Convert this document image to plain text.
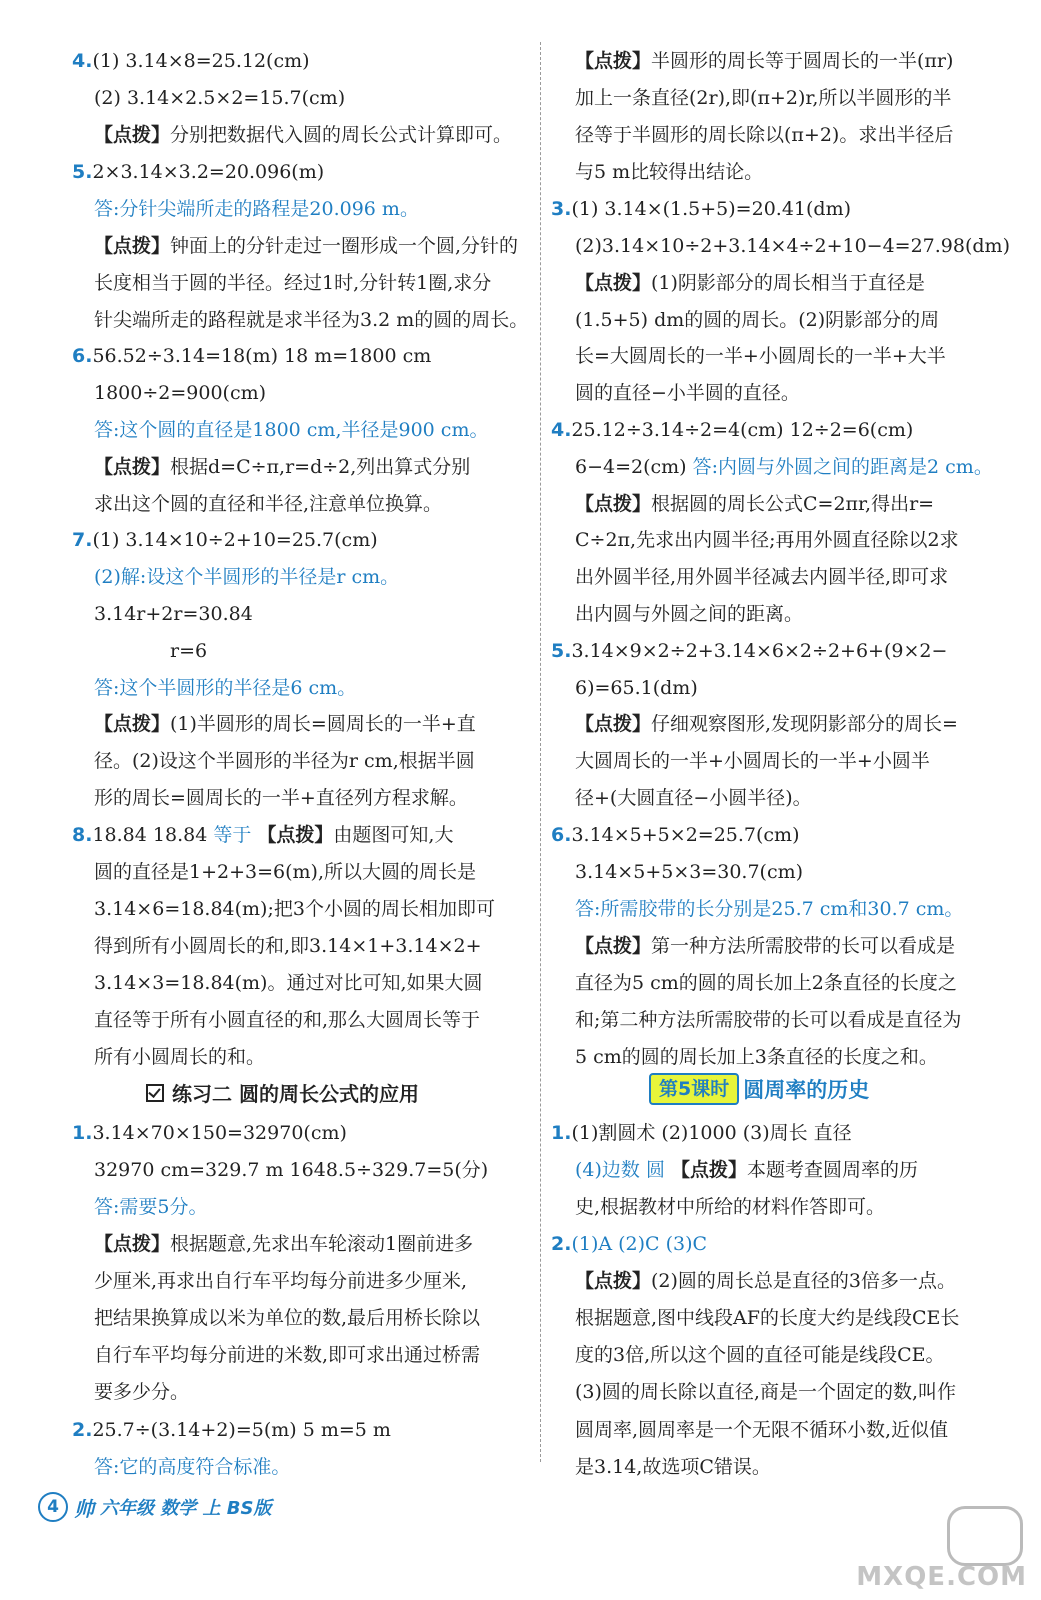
4.(1) 3.14×8=25.12(cm)
(2) 3.14×2.5×2=15.7(cm)
【点拨】分别把数据代入圆的周长公式计算即可。
5.2×3.14×3.2=20.096(m)
答:分针尖端所走的路程是20.096 m。
【点拨】钟面上的分针走过一圈形成一个圆,分针的
长度相当于圆的半径。经过1时,分针转1圈,求分
针尖端所走的路程就是求半径为3.2 m的圆的周长。
6.56.52÷3.14=18(m) 18 m=1800 cm
1800÷2=900(cm)
答:这个圆的直径是1800 cm,半径是900 cm。
【点拨】根据d=C÷π,r=d÷2,列出算式分别
求出这个圆的直径和半径,注意单位换算。
7.(1) 3.14×10÷2+10=25.7(cm)
(2)解:设这个半圆形的半径是r cm。
3.14r+2r=30.84
r=6
答:这个半圆形的半径是6 cm。
【点拨】(1)半圆形的周长=圆周长的一半+直
径。(2)设这个半圆形的半径为r cm,根据半圆
形的周长=圆周长的一半+直径列方程求解。
8.18.84 18.84 等于 【点拨】由题图可知,大
圆的直径是1+2+3=6(m),所以大圆的周长是
3.14×6=18.84(m);把3个小圆的周长相加即可
得到所有小圆周长的和,即3.14×1+3.14×2+
3.14×3=18.84(m)。通过对比可知,如果大圆
直径等于所有小圆直径的和,那么大圆周长等于
所有小圆周长的和。
1.3.14×70×150=32970(cm)
32970 cm=329.7 m 1648.5÷329.7=5(分)
答:需要5分。
【点拨】根据题意,先求出车轮滚动1圈前进多
少厘米,再求出自行车平均每分前进多少厘米,
把结果换算成以米为单位的数,最后用桥长除以
自行车平均每分前进的米数,即可求出通过桥需
要多少分。
2.25.7÷(3.14+2)=5(m) 5 m=5 m
答:它的高度符合标准。
【点拨】半圆形的周长等于圆周长的一半(πr)
加上一条直径(2r),即(π+2)r,所以半圆形的半
径等于半圆形的周长除以(π+2)。求出半径后
与5 m比较得出结论。
3.(1) 3.14×(1.5+5)=20.41(dm)
(2)3.14×10÷2+3.14×4÷2+10−4=27.98(dm)
【点拨】(1)阴影部分的周长相当于直径是
(1.5+5) dm的圆的周长。(2)阴影部分的周
长=大圆周长的一半+小圆周长的一半+大半
圆的直径−小半圆的直径。
4.25.12÷3.14÷2=4(cm) 12÷2=6(cm)
6−4=2(cm) 答:内圆与外圆之间的距离是2 cm。
【点拨】根据圆的周长公式C=2πr,得出r=
C÷2π,先求出内圆半径;再用外圆直径除以2求
出外圆半径,用外圆半径减去内圆半径,即可求
出内圆与外圆之间的距离。
5.3.14×9×2÷2+3.14×6×2÷2+6+(9×2−
6)=65.1(dm)
【点拨】仔细观察图形,发现阴影部分的周长=
大圆周长的一半+小圆周长的一半+小圆半
径+(大圆直径−小圆半径)。
6.3.14×5+5×2=25.7(cm)
3.14×5+5×3=30.7(cm)
答:所需胶带的长分别是25.7 cm和30.7 cm。
【点拨】第一种方法所需胶带的长可以看成是
直径为5 cm的圆的周长加上2条直径的长度之
和;第二种方法所需胶带的长可以看成是直径为
5 cm的圆的周长加上3条直径的长度之和。
1.(1)割圆术 (2)1000 (3)周长 直径
(4)边数 圆 【点拨】本题考查圆周率的历
史,根据教材中所给的材料作答即可。
2.(1)A (2)C (3)C
【点拨】(2)圆的周长总是直径的3倍多一点。
根据题意,图中线段AF的长度大约是线段CE长
度的3倍,所以这个圆的直径可能是线段CE。
(3)圆的周长除以直径,商是一个固定的数,叫作
圆周率,圆周率是一个无限不循环小数,近似值
是3.14,故选项C错误。
练习二 圆的周长公式的应用	第5课时 圆周率的历史
4 帅 六年级 数学 上 BS版
MXQE.COM
